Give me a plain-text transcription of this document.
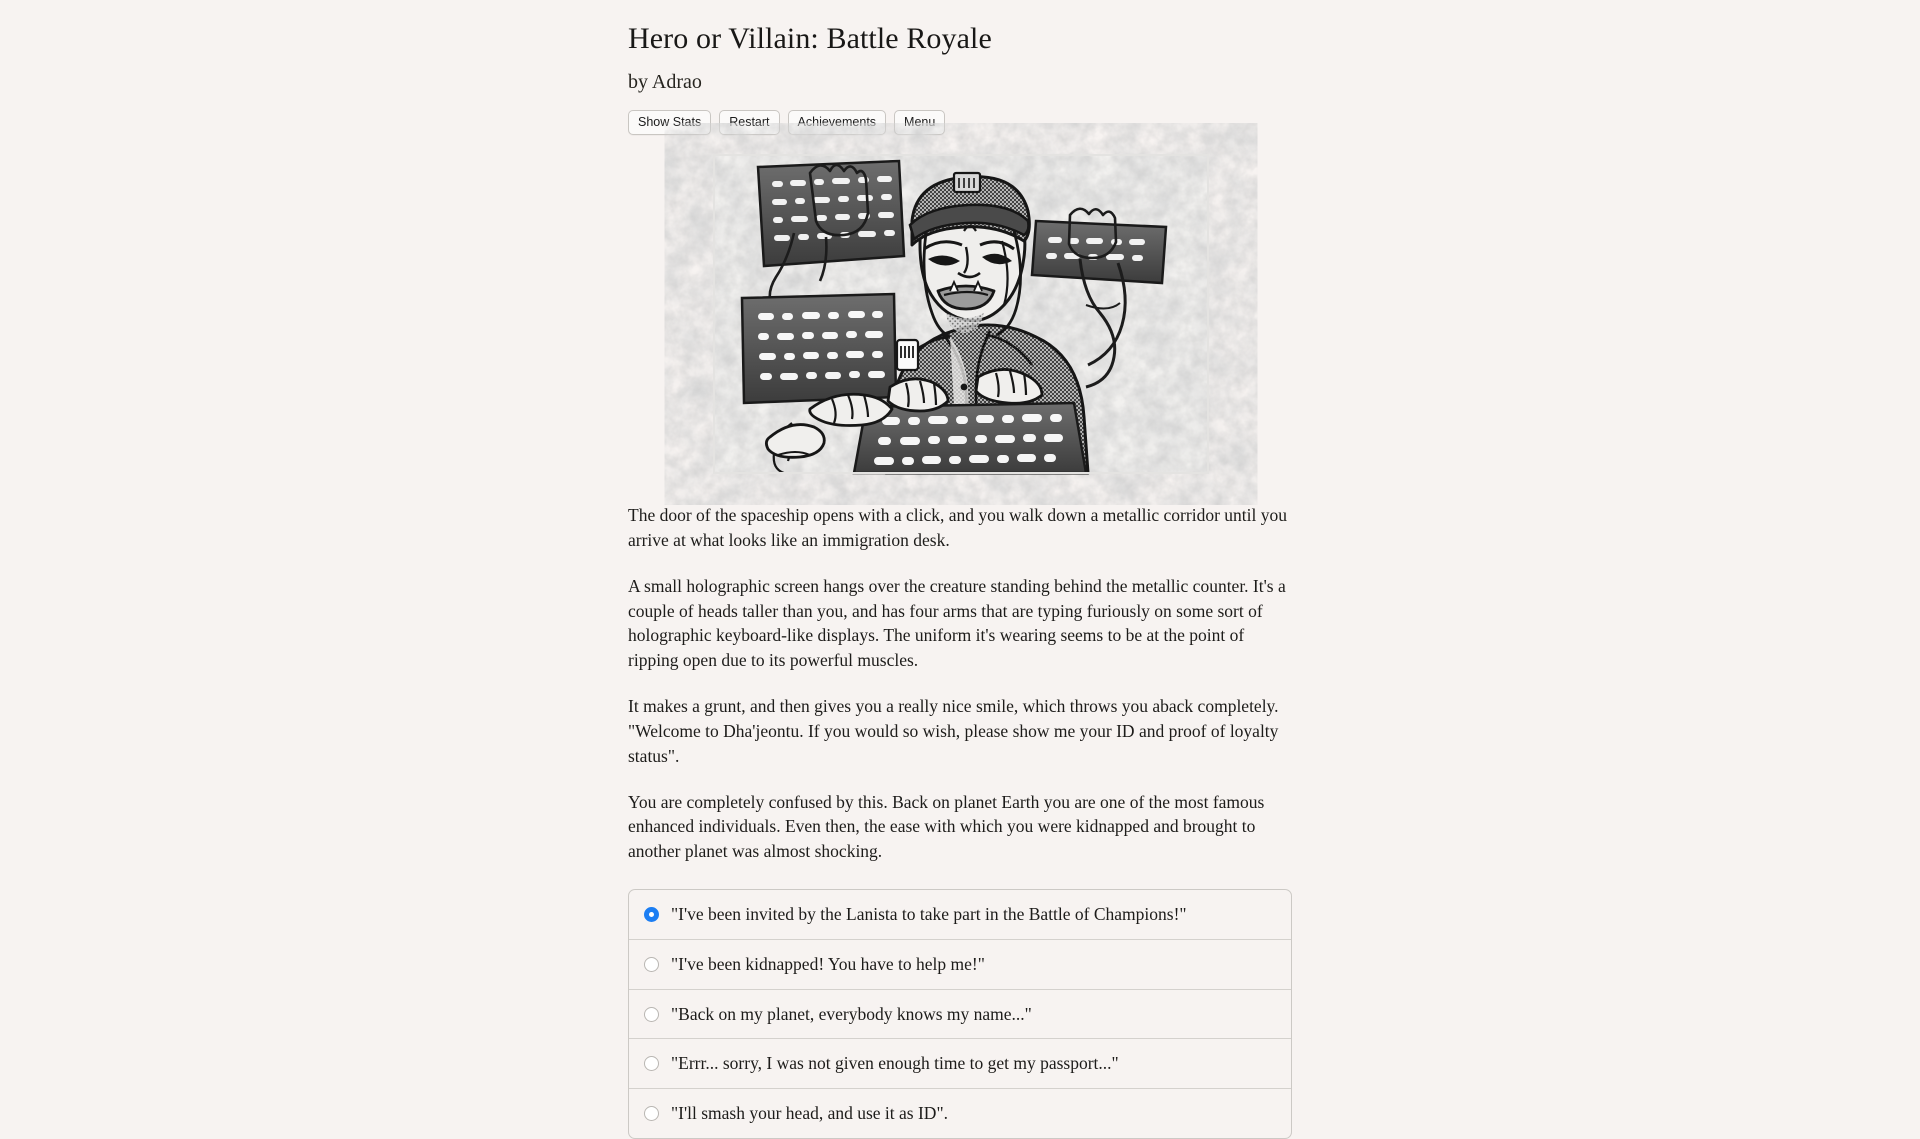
Hero or Villain: Battle Royale
by Adrao
Show Stats	Restart	Achievements	Menu

The door of the spaceship opens with a click, and you walk down a metallic corridor until you arrive at what looks like an immigration desk.

A small holographic screen hangs over the creature standing behind the metallic counter. It's a couple of heads taller than you, and has four arms that are typing furiously on some sort of holographic keyboard-like displays. The uniform it's wearing seems to be at the point of ripping open due to its powerful muscles.

It makes a grunt, and then gives you a really nice smile, which throws you aback completely. "Welcome to Dha'jeontu. If you would so wish, please show me your ID and proof of loyalty status".

You are completely confused by this. Back on planet Earth you are one of the most famous enhanced individuals. Even then, the ease with which you were kidnapped and brought to another planet was almost shocking.

"I've been invited by the Lanista to take part in the Battle of Champions!"
"I've been kidnapped! You have to help me!"
"Back on my planet, everybody knows my name..."
"Errr... sorry, I was not given enough time to get my passport..."
"I'll smash your head, and use it as ID".
